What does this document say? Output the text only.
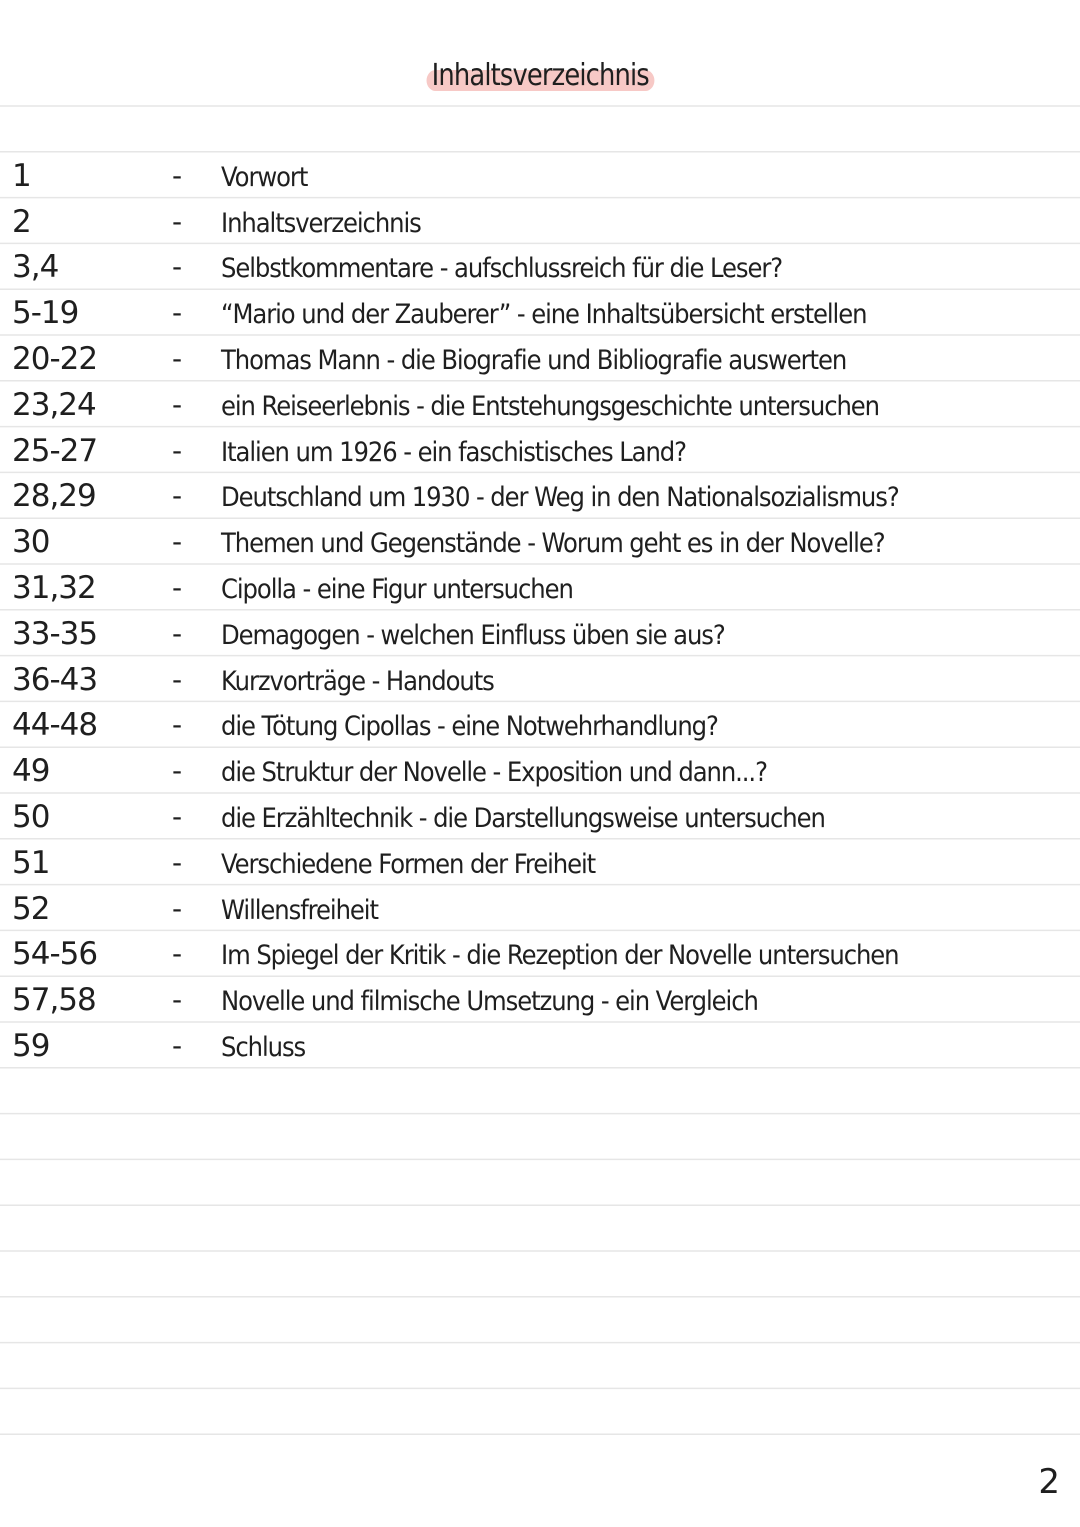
Inhaltsverzeichnis
1	- Vorwort
2	- Inhaltsverzeichnis
3,4	- Selbstkommentare - aufschlussreich für die Leser?
5-19	- “Mario und der Zauberer” - eine Inhaltsübersicht erstellen
20-22	- Thomas Mann - die Biografie und Bibliografie auswerten
23,24	- ein Reiseerlebnis - die Entstehungsgeschichte untersuchen
25-27	- Italien um 1926 - ein faschistisches Land?
28,29	- Deutschland um 1930 - der Weg in den Nationalsozialismus?
30	- Themen und Gegenstände - Worum geht es in der Novelle?
31,32	- Cipolla - eine Figur untersuchen
33-35	- Demagogen - welchen Einfluss üben sie aus?
36-43	- Kurzvorträge - Handouts
44-48	- die Tötung Cipollas - eine Notwehrhandlung?
49	- die Struktur der Novelle - Exposition und dann...?
50	- die Erzähltechnik - die Darstellungsweise untersuchen
51	- Verschiedene Formen der Freiheit
52	- Willensfreiheit
54-56	- Im Spiegel der Kritik - die Rezeption der Novelle untersuchen
57,58	- Novelle und filmische Umsetzung - ein Vergleich
59	- Schluss
2
